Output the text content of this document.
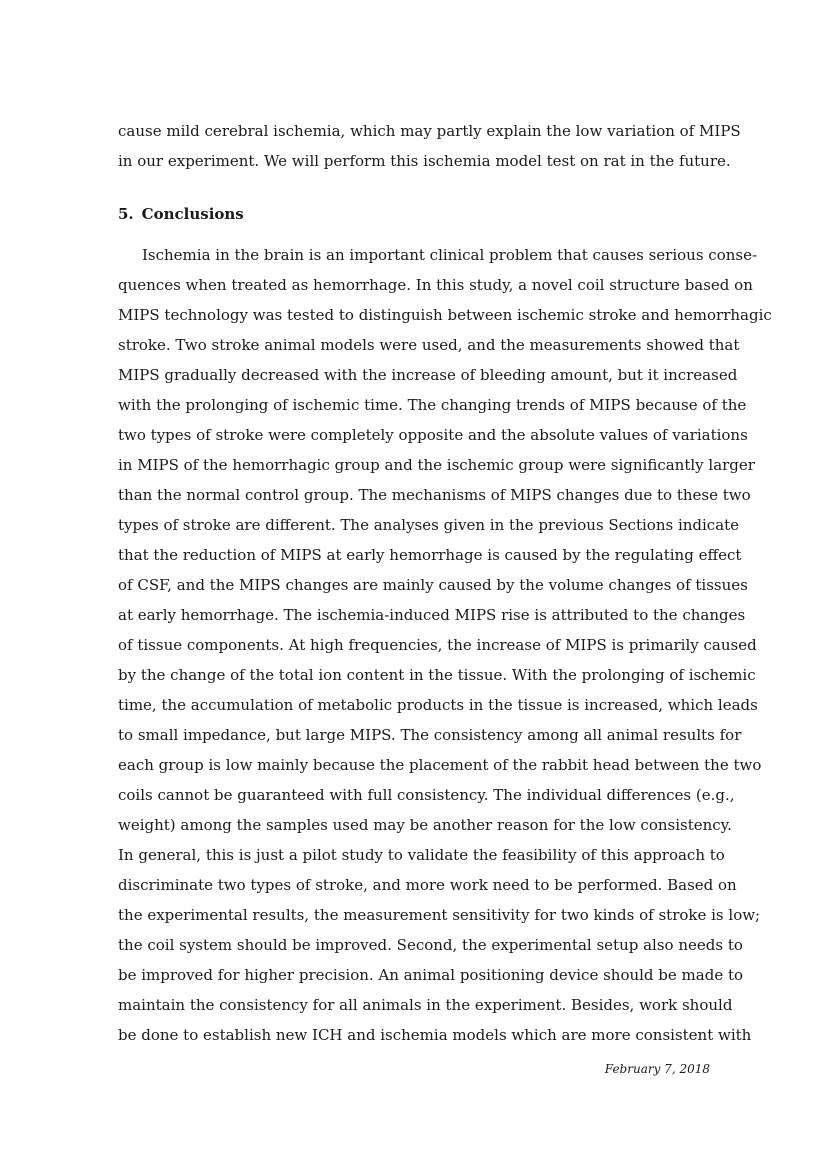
cause mild cerebral ischemia, which may partly explain the low variation of MIPS
in our experiment. We will perform this ischemia model test on rat in the future.
5. Conclusions
Ischemia in the brain is an important clinical problem that causes serious conse-
quences when treated as hemorrhage. In this study, a novel coil structure based on
MIPS technology was tested to distinguish between ischemic stroke and hemorrhagic
stroke. Two stroke animal models were used, and the measurements showed that
MIPS gradually decreased with the increase of bleeding amount, but it increased
with the prolonging of ischemic time. The changing trends of MIPS because of the
two types of stroke were completely opposite and the absolute values of variations
in MIPS of the hemorrhagic group and the ischemic group were significantly larger
than the normal control group. The mechanisms of MIPS changes due to these two
types of stroke are different. The analyses given in the previous Sections indicate
that the reduction of MIPS at early hemorrhage is caused by the regulating effect
of CSF, and the MIPS changes are mainly caused by the volume changes of tissues
at early hemorrhage. The ischemia-induced MIPS rise is attributed to the changes
of tissue components. At high frequencies, the increase of MIPS is primarily caused
by the change of the total ion content in the tissue. With the prolonging of ischemic
time, the accumulation of metabolic products in the tissue is increased, which leads
to small impedance, but large MIPS. The consistency among all animal results for
each group is low mainly because the placement of the rabbit head between the two
coils cannot be guaranteed with full consistency. The individual differences (e.g.,
weight) among the samples used may be another reason for the low consistency.
In general, this is just a pilot study to validate the feasibility of this approach to
discriminate two types of stroke, and more work need to be performed. Based on
the experimental results, the measurement sensitivity for two kinds of stroke is low;
the coil system should be improved. Second, the experimental setup also needs to
be improved for higher precision. An animal positioning device should be made to
maintain the consistency for all animals in the experiment. Besides, work should
be done to establish new ICH and ischemia models which are more consistent with
February 7, 2018
